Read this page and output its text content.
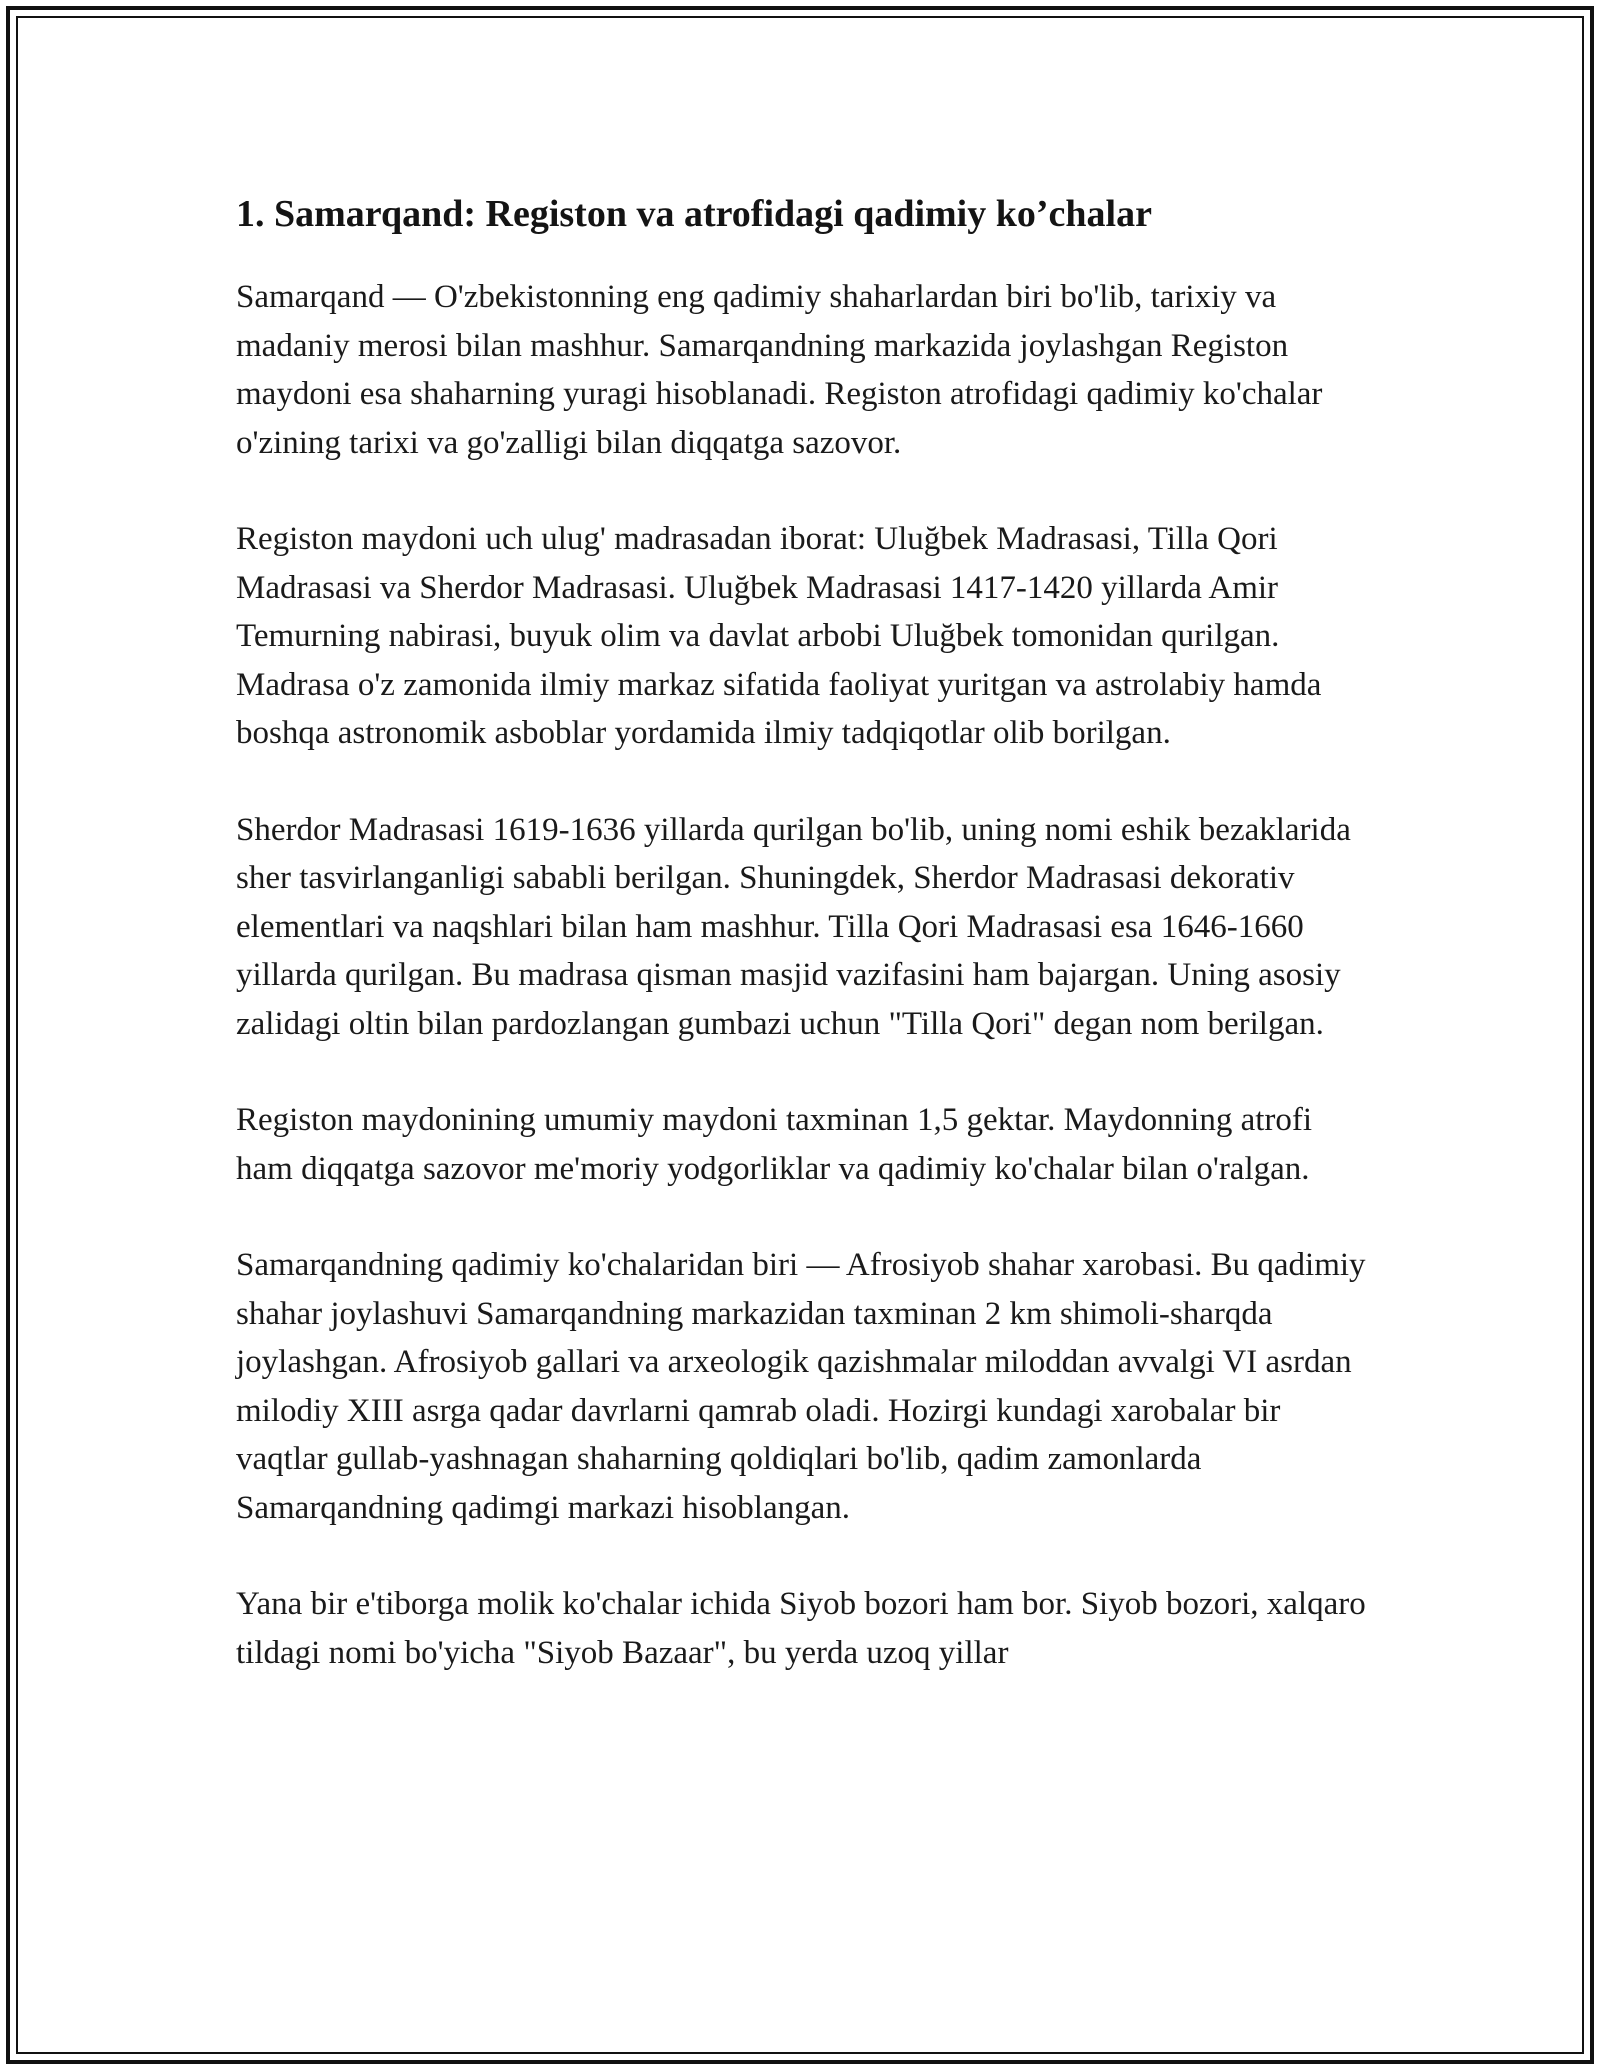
1. Samarqand: Registon va atrofidagi qadimiy ko’chalar

Samarqand — O'zbekistonning eng qadimiy shaharlardan biri bo'lib, tarixiy va madaniy merosi bilan mashhur. Samarqandning markazida joylashgan Registon maydoni esa shaharning yuragi hisoblanadi. Registon atrofidagi qadimiy ko'chalar o'zining tarixi va go'zalligi bilan diqqatga sazovor.

Registon maydoni uch ulug' madrasadan iborat: Uluğbek Madrasasi, Tilla Qori Madrasasi va Sherdor Madrasasi. Uluğbek Madrasasi 1417-1420 yillarda Amir Temurning nabirasi, buyuk olim va davlat arbobi Uluğbek tomonidan qurilgan. Madrasa o'z zamonida ilmiy markaz sifatida faoliyat yuritgan va astrolabiy hamda boshqa astronomik asboblar yordamida ilmiy tadqiqotlar olib borilgan.

Sherdor Madrasasi 1619-1636 yillarda qurilgan bo'lib, uning nomi eshik bezaklarida sher tasvirlanganligi sababli berilgan. Shuningdek, Sherdor Madrasasi dekorativ elementlari va naqshlari bilan ham mashhur. Tilla Qori Madrasasi esa 1646-1660 yillarda qurilgan. Bu madrasa qisman masjid vazifasini ham bajargan. Uning asosiy zalidagi oltin bilan pardozlangan gumbazi uchun "Tilla Qori" degan nom berilgan.

Registon maydonining umumiy maydoni taxminan 1,5 gektar. Maydonning atrofi ham diqqatga sazovor me'moriy yodgorliklar va qadimiy ko'chalar bilan o'ralgan.

Samarqandning qadimiy ko'chalaridan biri — Afrosiyob shahar xarobasi. Bu qadimiy shahar joylashuvi Samarqandning markazidan taxminan 2 km shimoli-sharqda joylashgan. Afrosiyob gallari va arxeologik qazishmalar miloddan avvalgi VI asrdan milodiy XIII asrga qadar davrlarni qamrab oladi. Hozirgi kundagi xarobalar bir vaqtlar gullab-yashnagan shaharning qoldiqlari bo'lib, qadim zamonlarda Samarqandning qadimgi markazi hisoblangan.

Yana bir e'tiborga molik ko'chalar ichida Siyob bozori ham bor. Siyob bozori, xalqaro tildagi nomi bo'yicha "Siyob Bazaar", bu yerda uzoq yillar
